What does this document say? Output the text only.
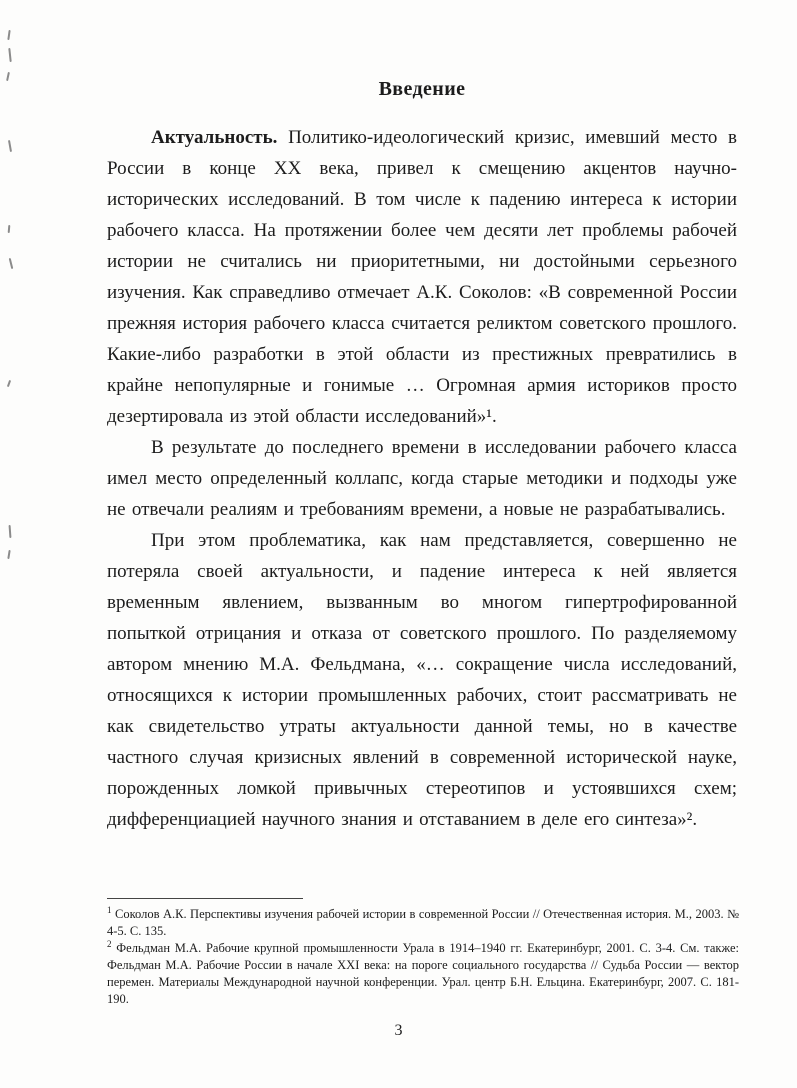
Введение

Актуальность. Политико-идеологический кризис, имевший место в России в конце XX века, привел к смещению акцентов научно-исторических исследований. В том числе к падению интереса к истории рабочего класса. На протяжении более чем десяти лет проблемы рабочей истории не считались ни приоритетными, ни достойными серьезного изучения. Как справедливо отмечает А.К. Соколов: «В современной России прежняя история рабочего класса считается реликтом советского прошлого. Какие-либо разработки в этой области из престижных превратились в крайне непопулярные и гонимые … Огромная армия историков просто дезертировала из этой области исследований»¹.

В результате до последнего времени в исследовании рабочего класса имел место определенный коллапс, когда старые методики и подходы уже не отвечали реалиям и требованиям времени, а новые не разрабатывались.

При этом проблематика, как нам представляется, совершенно не потеряла своей актуальности, и падение интереса к ней является временным явлением, вызванным во многом гипертрофированной попыткой отрицания и отказа от советского прошлого. По разделяемому автором мнению М.А. Фельдмана, «… сокращение числа исследований, относящихся к истории промышленных рабочих, стоит рассматривать не как свидетельство утраты актуальности данной темы, но в качестве частного случая кризисных явлений в современной исторической науке, порожденных ломкой привычных стереотипов и устоявшихся схем; дифференциацией научного знания и отставанием в деле его синтеза»².

$^1$ Соколов А.К. Перспективы изучения рабочей истории в современной России // Отечественная история. М., 2003. № 4-5. С. 135.

$^2$ Фельдман М.А. Рабочие крупной промышленности Урала в 1914–1940 гг. Екатеринбург, 2001. С. 3-4. См. также: Фельдман М.А. Рабочие России в начале XXI века: на пороге социального государства // Судьба России — вектор перемен. Материалы Международной научной конференции. Урал. центр Б.Н. Ельцина. Екатеринбург, 2007. С. 181-190.

3
